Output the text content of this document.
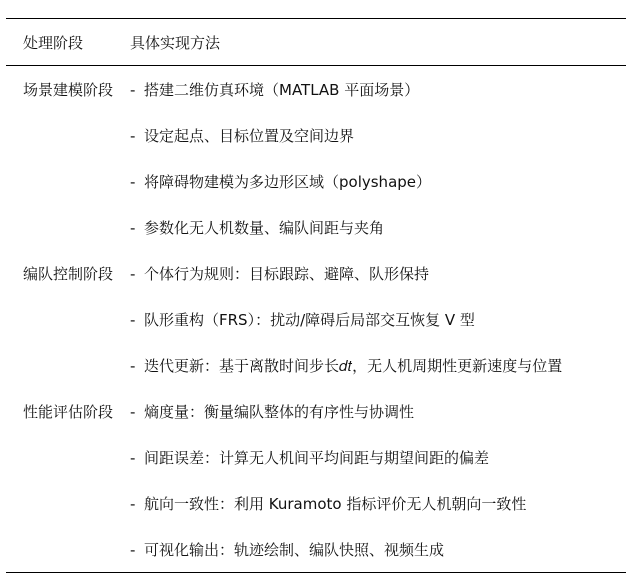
处理阶段	具体实现方法
场景建模阶段	- 搭建二维仿真环境（MATLAB 平面场景）
- 设定起点、目标位置及空间边界
- 将障碍物建模为多边形区域（polyshape）
- 参数化无人机数量、编队间距与夹角
编队控制阶段	- 个体行为规则：目标跟踪、避障、队形保持
- 队形重构（FRS）：扰动/障碍后局部交互恢复 V 型
- 迭代更新：基于离散时间步长𝑑𝑡，无人机周期性更新速度与位置
性能评估阶段	- 熵度量：衡量编队整体的有序性与协调性
- 间距误差：计算无人机间平均间距与期望间距的偏差
- 航向一致性：利用 Kuramoto 指标评价无人机朝向一致性
- 可视化输出：轨迹绘制、编队快照、视频生成
